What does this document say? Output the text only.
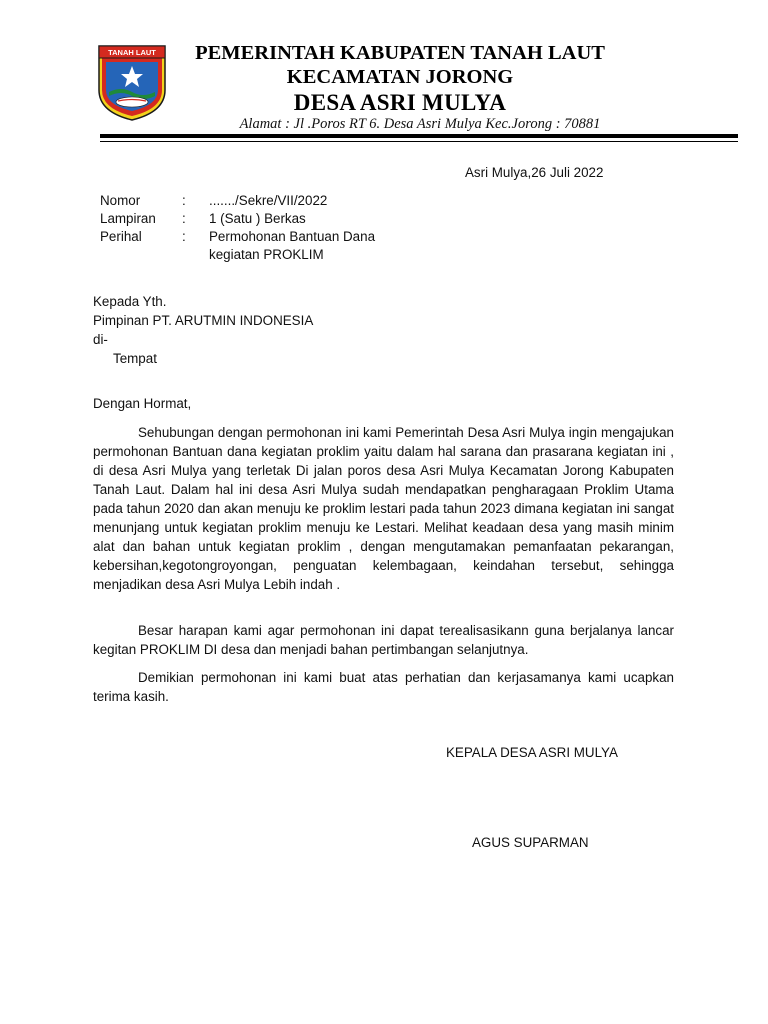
TANAH LAUT	PEMERINTAH KABUPATEN TANAH LAUT
KECAMATAN JORONG
DESA ASRI MULYA
Alamat : Jl .Poros RT 6. Desa Asri Mulya Kec.Jorong : 70881
Asri Mulya,26 Juli 2022
Nomor	:	......./Sekre/VII/2022
Lampiran	:	1 (Satu ) Berkas
Perihal	:	Permohonan Bantuan Dana
kegiatan PROKLIM
Kepada Yth.
Pimpinan PT. ARUTMIN INDONESIA
di-
Tempat
Dengan Hormat,
Sehubungan dengan permohonan ini kami Pemerintah Desa Asri Mulya ingin mengajukan permohonan Bantuan dana kegiatan proklim yaitu dalam hal sarana dan prasarana kegiatan ini , di desa Asri Mulya yang terletak Di jalan poros desa Asri Mulya Kecamatan Jorong Kabupaten Tanah Laut. Dalam hal ini desa Asri Mulya sudah mendapatkan pengharagaan Proklim Utama pada tahun 2020 dan akan menuju ke proklim lestari pada tahun 2023 dimana kegiatan ini sangat menunjang untuk kegiatan proklim menuju ke Lestari. Melihat keadaan desa yang masih minim alat dan bahan untuk kegiatan proklim , dengan mengutamakan pemanfaatan pekarangan, kebersihan,kegotongroyongan, penguatan kelembagaan, keindahan tersebut, sehingga menjadikan desa Asri Mulya Lebih indah .
Besar harapan kami agar permohonan ini dapat terealisasikann guna berjalanya lancar kegitan PROKLIM DI desa dan menjadi bahan pertimbangan selanjutnya.
Demikian permohonan ini kami buat atas perhatian dan kerjasamanya kami ucapkan terima kasih.
KEPALA DESA ASRI MULYA
AGUS SUPARMAN
